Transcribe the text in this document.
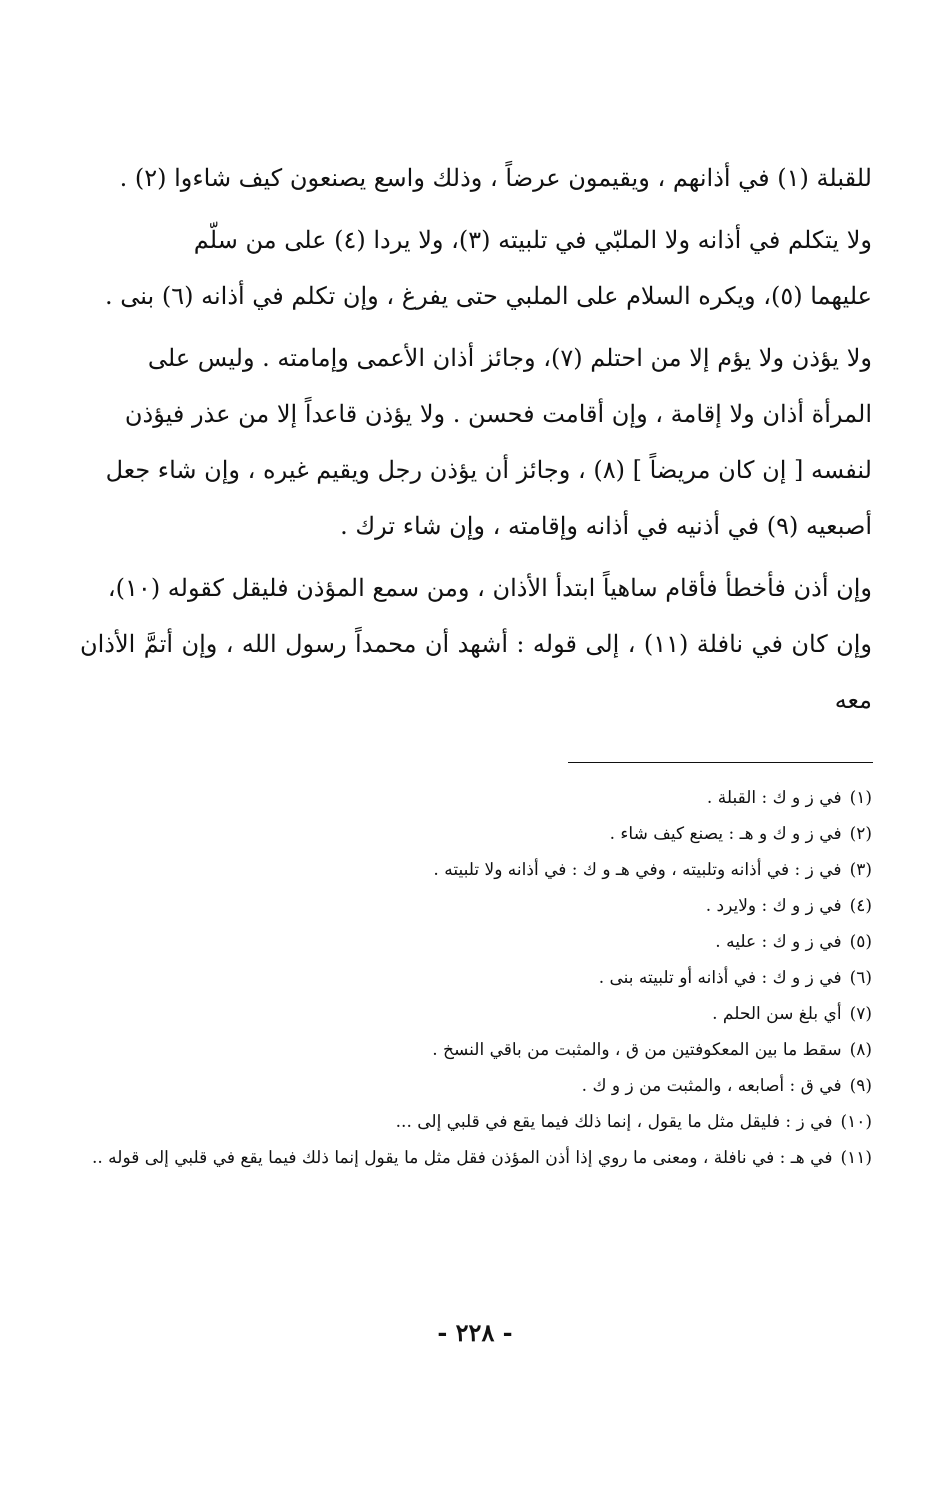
للقبلة (١) في أذانهم ، ويقيمون عرضاً ، وذلك واسع يصنعون كيف شاءوا (٢) .

ولا يتكلم في أذانه ولا الملبّي في تلبيته (٣)، ولا يردا (٤) على من سلّم

عليهما (٥)، ويكره السلام على الملبي حتى يفرغ ، وإن تكلم في أذانه (٦) بنى .

ولا يؤذن ولا يؤم إلا من احتلم (٧)، وجائز أذان الأعمى وإمامته . وليس على

المرأة أذان ولا إقامة ، وإن أقامت فحسن . ولا يؤذن قاعداً إلا من عذر فيؤذن

لنفسه [ إن كان مريضاً ] (٨) ، وجائز أن يؤذن رجل ويقيم غيره ، وإن شاء جعل

أصبعيه (٩) في أذنيه في أذانه وإقامته ، وإن شاء ترك .

وإن أذن فأخطأ فأقام ساهياً ابتدأ الأذان ، ومن سمع المؤذن فليقل كقوله (١٠)،

وإن كان في نافلة (١١) ، إلى قوله : أشهد أن محمداً رسول الله ، وإن أتمَّ الأذان معه

(١)
في ز و ك : القبلة .
(٢)
في ز و ك و هـ : يصنع كيف شاء .
(٣)
في ز : في أذانه وتلبيته ، وفي هـ و ك : في أذانه ولا تلبيته .
(٤)
في ز و ك : ولايرد .
(٥)
في ز و ك : عليه .
(٦)
في ز و ك : في أذانه أو تلبيته بنى .
(٧)
أي بلغ سن الحلم .
(٨)
سقط ما بين المعكوفتين من ق ، والمثبت من باقي النسخ .
(٩)
في ق : أصابعه ، والمثبت من ز و ك .
(١٠)
في ز : فليقل مثل ما يقول ، إنما ذلك فيما يقع في قلبي إلى ...
(١١)
في هـ : في نافلة ، ومعنى ما روي إذا أذن المؤذن فقل مثل ما يقول إنما ذلك فيما يقع في قلبي إلى قوله ..
- ٢٢٨ -
